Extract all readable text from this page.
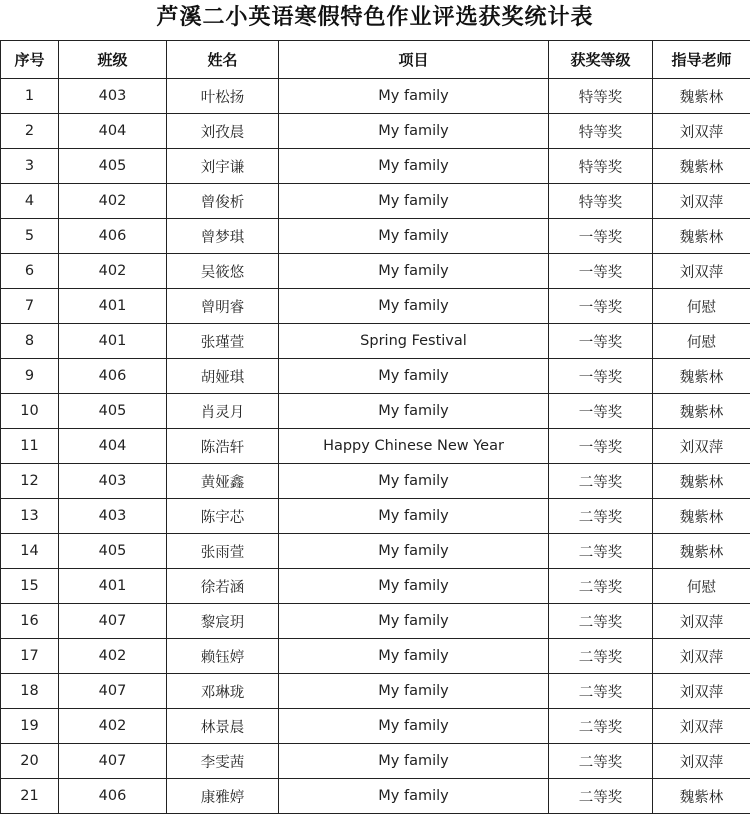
芦溪二小英语寒假特色作业评选获奖统计表
序号	班级	姓名	项目	获奖等级	指导老师
1	403	叶松扬	My family	特等奖	魏紫林
2	404	刘孜晨	My family	特等奖	刘双萍
3	405	刘宇谦	My family	特等奖	魏紫林
4	402	曾俊析	My family	特等奖	刘双萍
5	406	曾梦琪	My family	一等奖	魏紫林
6	402	吴筱悠	My family	一等奖	刘双萍
7	401	曾明睿	My family	一等奖	何慰
8	401	张瑾萱	Spring Festival	一等奖	何慰
9	406	胡娅琪	My family	一等奖	魏紫林
10	405	肖灵月	My family	一等奖	魏紫林
11	404	陈浩轩	Happy Chinese New Year	一等奖	刘双萍
12	403	黄娅鑫	My family	二等奖	魏紫林
13	403	陈宇芯	My family	二等奖	魏紫林
14	405	张雨萱	My family	二等奖	魏紫林
15	401	徐若涵	My family	二等奖	何慰
16	407	黎宸玥	My family	二等奖	刘双萍
17	402	赖钰婷	My family	二等奖	刘双萍
18	407	邓琳珑	My family	二等奖	刘双萍
19	402	林景晨	My family	二等奖	刘双萍
20	407	李雯茜	My family	二等奖	刘双萍
21	406	康雅婷	My family	二等奖	魏紫林
